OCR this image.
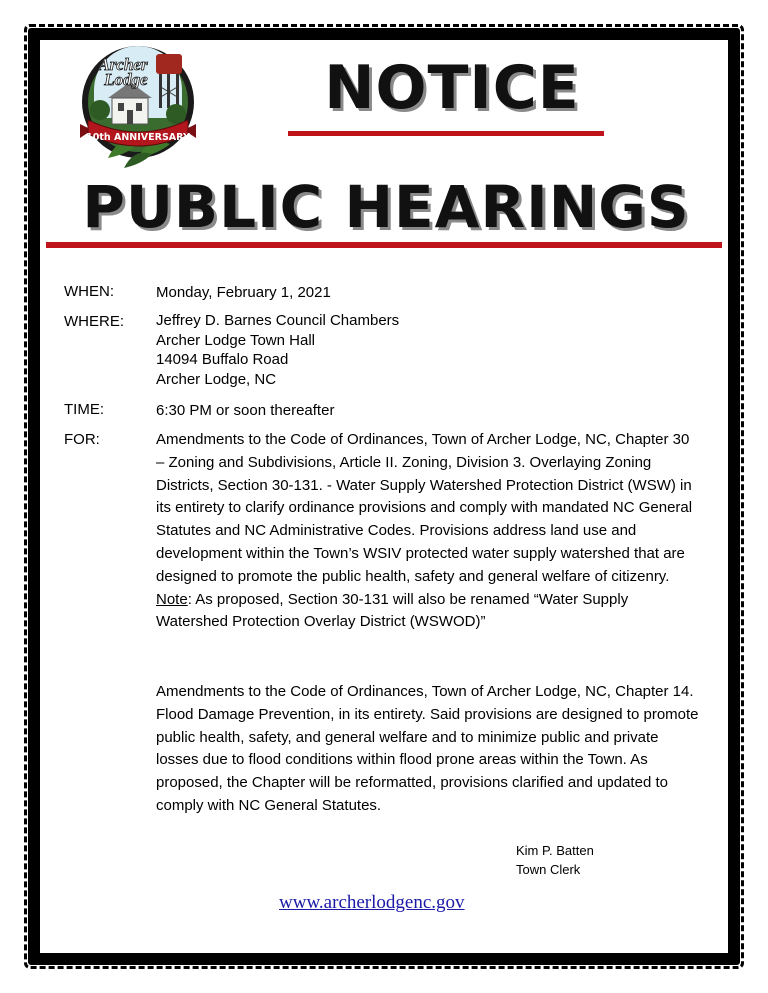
Archer
Lodge
10th ANNIVERSARY
NOTICE
PUBLIC HEARINGS
WHEN:	Monday, February 1, 2021
WHERE: Jeffrey D. Barnes Council Chambers
Archer Lodge Town Hall
14094 Buffalo Road
Archer Lodge, NC
TIME:	6:30 PM or soon thereafter
FOR:	Amendments to the Code of Ordinances, Town of Archer Lodge, NC, Chapter 30 – Zoning and Subdivisions, Article II. Zoning, Division 3. Overlaying Zoning Districts, Section 30-131. - Water Supply Watershed Protection District (WSW) in its entirety to clarify ordinance provisions and comply with mandated NC General Statutes and NC Administrative Codes. Provisions address land use and development within the Town’s WSIV protected water supply watershed that are designed to promote the public health, safety and general welfare of citizenry. Note: As proposed, Section 30-131 will also be renamed “Water Supply Watershed Protection Overlay District (WSWOD)”
Amendments to the Code of Ordinances, Town of Archer Lodge, NC, Chapter 14. Flood Damage Prevention, in its entirety. Said provisions are designed to promote public health, safety, and general welfare and to minimize public and private losses due to flood conditions within flood prone areas within the Town. As proposed, the Chapter will be reformatted, provisions clarified and updated to comply with NC General Statutes.
Kim P. Batten
Town Clerk
www.archerlodgenc.gov
